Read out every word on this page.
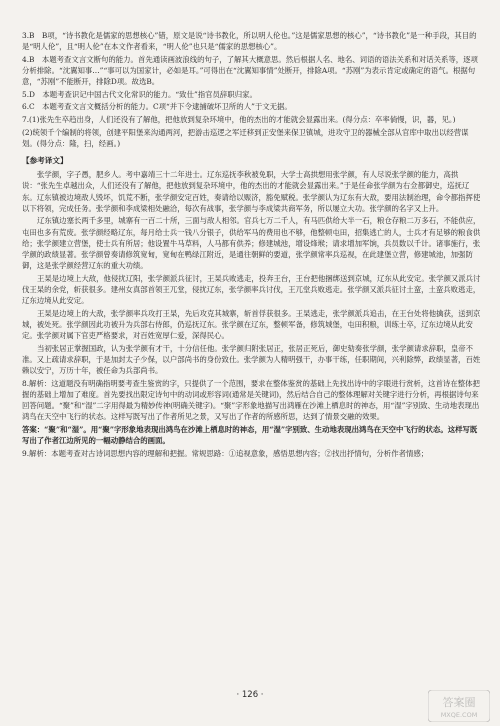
3.B　B项，“诗书教化是儒家的思想核心”错，原文是说“诗书教化，所以明人伦也。”这是儒家思想的核心”，“诗书教化”是一种手段，其目的是“明人伦”，且“明人伦”在本文作者看来，“明人伦”也只是“儒家的思想核心”。
4.B　本题考查文言文断句的能力。首先通读画波浪线的句子，了解其大概意思。然后根据人名、地名、词语的语法关系和对话关系等，逐项分析排除。“沈翼知事…”“事可以为国家计，必如是耳。”可得出在“沈翼知事情”处断开，排除A项。“苏刚”为表示肯定或确定的语气。根据句意，“苏刚”不能断开，排除D项。故选B。
5.D　本题考查识记中国古代文化常识的能力。“致仕”指官员辞职归家。
6.C　本题考查文言文概括分析的能力。C项“并下令逮捕破坏卫所的人”于文无据。
7.(1)张先生卒趋出身，人们还没有了解他，把他放到复杂环境中，他的杰出的才能就会显露出来。(得分点：卒率倘慢，识，器，见。)
(2)统领千个编制的将领，创建平阳堡来沟通两河，把游击巡逻之军迁移到正安堡来保卫镇城，进攻守卫的器械全部从官库中取出以经营谋划。(得分点：隆，扫，经画。)
【参考译文】
张学颜，字子愚，肥乡人。考中嘉靖三十二年进士。辽东巡抚李秋被免职，大学士高拱想用张学颜，有人尽说张学颜的能力，高拱说：“张先生卓越出众，人们还没有了解他，把他放到复杂环境中，他的杰出的才能就会显露出来。”于是任命张学颜为右佥都御史，巡抚辽东。辽东镇被边境敌人毁坏，饥荒不断，张学颜安定百姓，奏请给以赈济，豁免赋税。张学颜认为辽东有大敌，要用法制治理，命令都指挥使以下将领，完成任务。张学颜和李成梁相处融洽，每次有战事，张学颜与李成梁共商军务，所以屡立大功。张学颜的名字又上升。
辽东镇边塞长两千多里，城寨有一百二十所，三面与敌人相邻。官兵七万二千人，有马匹供给大半一石，粮仓存粮二万多石，不能供应，屯田也多有荒废。张学颜经略辽东，每月给士兵一钱八分银子，供给军马的费用也不够，他整顿屯田，招集逃亡的人，士兵才有足够的粮食供给；张学颜建立营堡，使士兵有所居；他设置牛马草料，人马都有供养；修建城池，增设烽堠；请求增加军饷，兵员数以千计。诸事施行，张学颜的政绩显著。张学颜曾奏请修筑宽甸，宽甸在鸭绿江附近，是通往朝鲜的要道，张学颜常率兵巡视，在此建堡立营，修建城池，加强防御，这是张学颜经营辽东的重大功绩。
王杲是边境上大敌，他侵扰辽阳，张学颜派兵征讨，王杲兵败逃走，投奔王台，王台把他捆绑送到京城，辽东从此安定。张学颜又派兵讨伐王杲的余党，斩获很多。建州女真部首领王兀堂，侵扰辽东，张学颜率兵讨伐，王兀堂兵败逃走。张学颜又派兵征讨土蛮，土蛮兵败逃走，辽东边境从此安定。
王杲是边境上的大敌，张学颜率兵攻打王杲，先后攻克其城寨，斩首俘获很多。王杲逃走，张学颜派兵追击，在王台处将他擒获，送到京城，被处死。张学颜因此功被升为兵部右侍郎，仍巡抚辽东。张学颜在辽东，整顿军备，修筑城堡，屯田积粮，训练士卒，辽东边境从此安定。张学颜对属下官吏严格要求，对百姓宽厚仁爱，深得民心。
当初张居正掌握国政，认为张学颜有才干，十分信任他。张学颜归附张居正，张居正死后，御史劾奏张学颜，张学颜请求辞职，皇帝不准。又上疏请求辞职，于是加封太子少保，以户部尚书的身份致仕。张学颜为人精明强干，办事干练，任职期间，兴利除弊，政绩显著，百姓赖以安宁，万历十年，被任命为兵部尚书。
8.解析：这道题没有明确指明要考查生鉴赏的字，只提供了一个范围，要求在整体鉴赏的基础上先找出诗中的字眼进行赏析，这首诗在整体把握的基础上增加了难度。首先要找出限定诗句中的动词或形容词(通常是关键词)，然后结合自己的整体理解对关键字进行分析，再根据诗句来回答问题。“聚”和“湿”二字用得最为精妙传神(明确关键字)。“聚”字形象地描写出鸿雁在沙滩上栖息时的神态，用“湿”字别致、生动地表现出鸿鸟在天空中飞行的状态。这样写既写出了作者所见之景，又写出了作者的所感所思，达到了情景交融的效果。
答案：“聚”和“湿”。用“聚”字形象地表现出鸿鸟在沙滩上栖息时的神态，用“湿”字别致、生动地表现出鸿鸟在天空中飞行的状态。这样写既写出了作者江边所见的一幅动静结合的画面。
9.解析：本题考查对古诗词思想内容的理解和把握。常规思路：①追视意象，感悟思想内容；②找出抒情句，分析作者情感；
· 126 ·
答案圈
MXQE.COM
